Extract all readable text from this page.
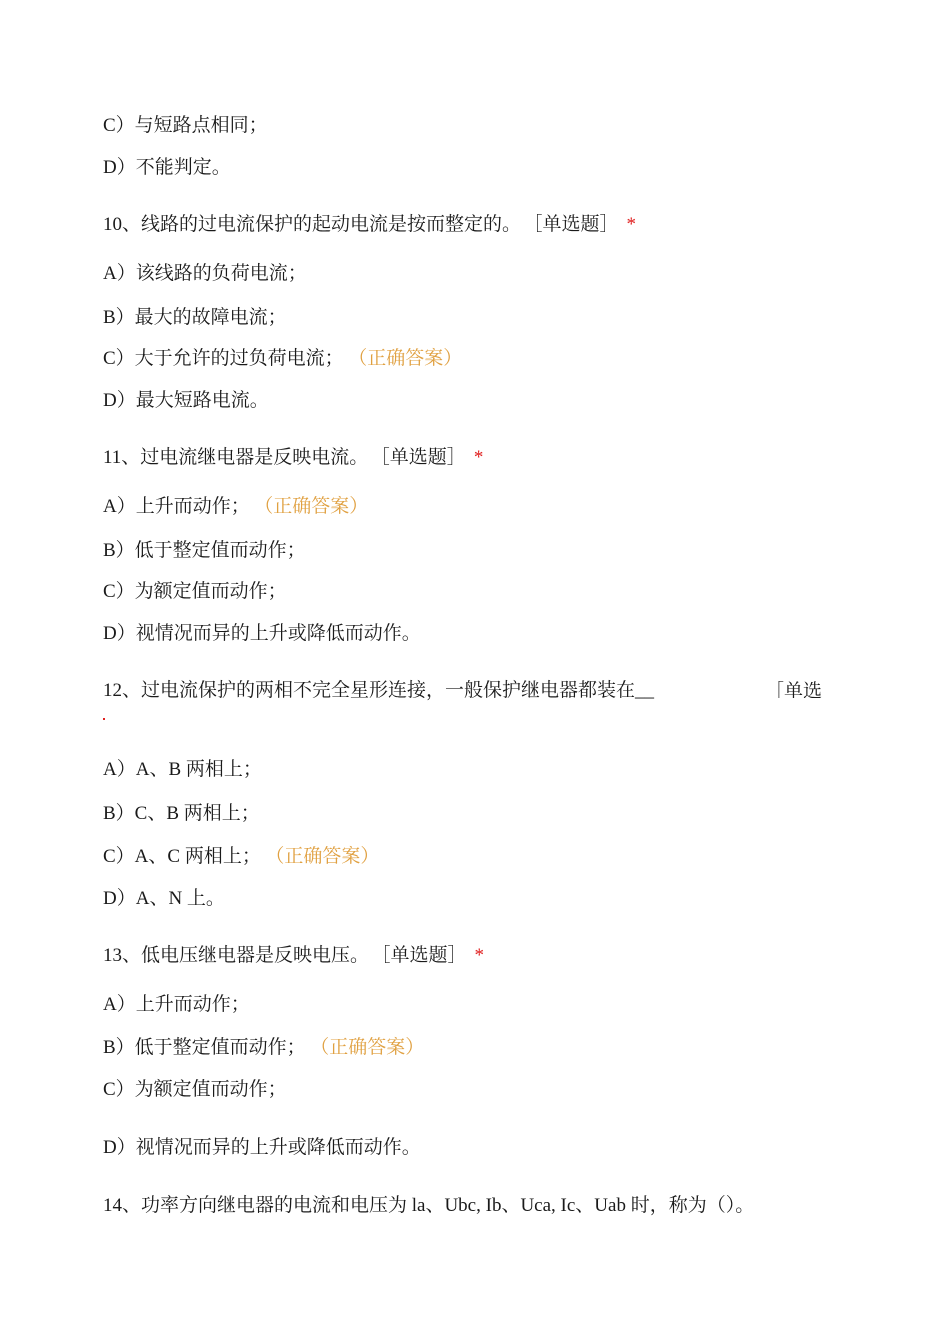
C）与短路点相同；
D）不能判定。
10、线路的过电流保护的起动电流是按而整定的。 ［单选题］ *
A）该线路的负荷电流；
B）最大的故障电流；
C）大于允许的过负荷电流； （正确答案）
D）最大短路电流。
11、过电流继电器是反映电流。 ［单选题］ *
A）上升而动作； （正确答案）
B）低于整定值而动作；
C）为额定值而动作；
D）视情况而异的上升或降低而动作。
12、过电流保护的两相不完全星形连接，一般保护继电器都装在__	［单选
A）A、B 两相上；
B）C、B 两相上；
C）A、C 两相上； （正确答案）
D）A、N 上。
13、低电压继电器是反映电压。 ［单选题］ *
A）上升而动作；
B）低于整定值而动作； （正确答案）
C）为额定值而动作；
D）视情况而异的上升或降低而动作。
14、功率方向继电器的电流和电压为 la、Ubc, Ib、Uca, Ic、Uab 时，称为（）。
